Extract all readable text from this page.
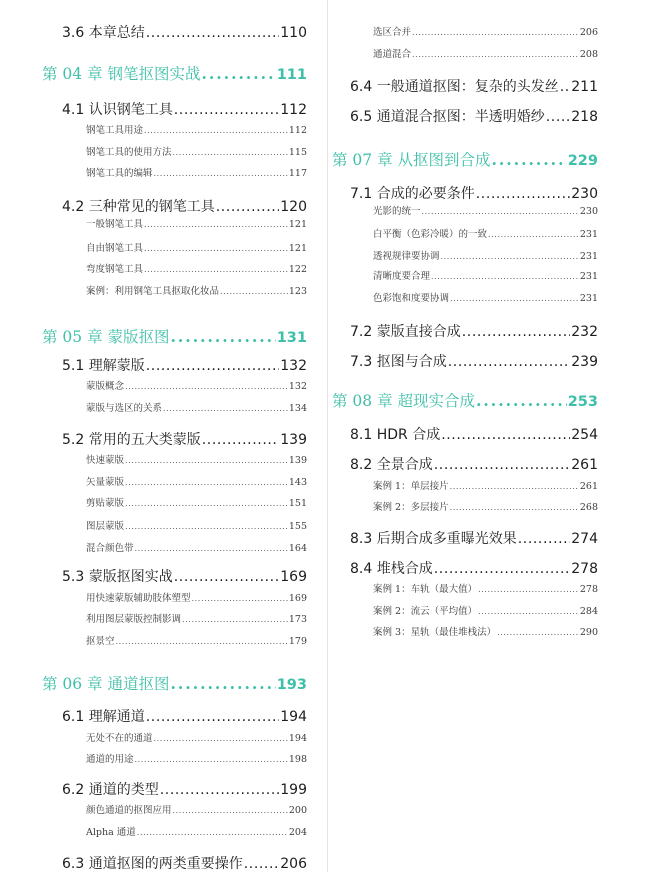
3.6 本章总结 .....	110
第 04 章 钢笔抠图实战 .....	111
4.1 认识钢笔工具 .....	112
钢笔工具用途 .....	112
钢笔工具的使用方法 .....	115
钢笔工具的编辑 .....	117
4.2 三种常见的钢笔工具 .....	120
一般钢笔工具 .....	121
自由钢笔工具 .....	121
弯度钢笔工具 .....	122
案例：利用钢笔工具抠取化妆品 .....	123
第 05 章 蒙版抠图 .....	131
5.1 理解蒙版 .....	132
蒙版概念 .....	132
蒙版与选区的关系 .....	134
5.2 常用的五大类蒙版 .....	139
快速蒙版 .....	139
矢量蒙版 .....	143
剪贴蒙版 .....	151
图层蒙版 .....	155
混合颜色带 .....	164
5.3 蒙版抠图实战 .....	169
用快速蒙版辅助肢体塑型 .....	169
利用图层蒙版控制影调 .....	173
抠景空 .....	179
第 06 章 通道抠图 .....	193
6.1 理解通道 .....	194
无处不在的通道 .....	194
通道的用途 .....	198
6.2 通道的类型 .....	199
颜色通道的抠图应用 .....	200
Alpha 通道 .....	204
6.3 通道抠图的两类重要操作 .....	206
选区合并 .....	206
通道混合 .....	208
6.4 一般通道抠图：复杂的头发丝 ..... 211
6.5 通道混合抠图：半透明婚纱 ..... 218
第 07 章 从抠图到合成 .....	229
7.1 合成的必要条件 .....	230
光影的统一 .....	230
白平衡（色彩冷暖）的一致 .....	231
透视规律要协调 .....	231
清晰度要合理 .....	231
色彩饱和度要协调 .....	231
7.2 蒙版直接合成 .....	232
7.3 抠图与合成 .....	239
第 08 章 超现实合成 .....	253
8.1 HDR 合成 .....	254
8.2 全景合成 .....	261
案例 1：单层接片 .....	261
案例 2：多层接片 .....	268
8.3 后期合成多重曝光效果 .....	274
8.4 堆栈合成 .....	278
案例 1：车轨（最大值） .....	278
案例 2：流云（平均值） .....	284
案例 3：星轨（最佳堆栈法） .....	290
